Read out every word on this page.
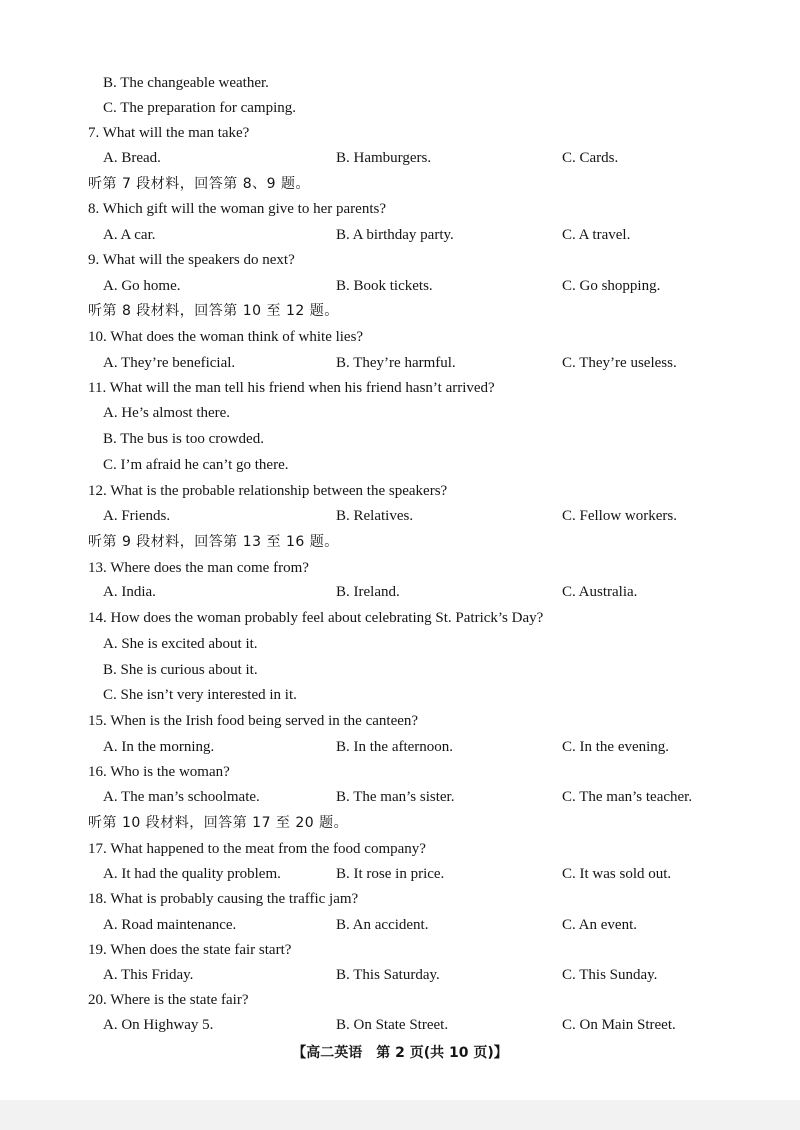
B. The changeable weather.
C. The preparation for camping.
7. What will the man take?
A. Bread.	B. Hamburgers.	C. Cards.
听第 7 段材料，回答第 8、9 题。
8. Which gift will the woman give to her parents?
A. A car.	B. A birthday party.	C. A travel.
9. What will the speakers do next?
A. Go home.	B. Book tickets.	C. Go shopping.
听第 8 段材料，回答第 10 至 12 题。
10. What does the woman think of white lies?
A. They’re beneficial.	B. They’re harmful.	C. They’re useless.
11. What will the man tell his friend when his friend hasn’t arrived?
A. He’s almost there.
B. The bus is too crowded.
C. I’m afraid he can’t go there.
12. What is the probable relationship between the speakers?
A. Friends.	B. Relatives.	C. Fellow workers.
听第 9 段材料，回答第 13 至 16 题。
13. Where does the man come from?
A. India.	B. Ireland.	C. Australia.
14. How does the woman probably feel about celebrating St. Patrick’s Day?
A. She is excited about it.
B. She is curious about it.
C. She isn’t very interested in it.
15. When is the Irish food being served in the canteen?
A. In the morning.	B. In the afternoon.	C. In the evening.
16. Who is the woman?
A. The man’s schoolmate.	B. The man’s sister.	C. The man’s teacher.
听第 10 段材料，回答第 17 至 20 题。
17. What happened to the meat from the food company?
A. It had the quality problem.	B. It rose in price.	C. It was sold out.
18. What is probably causing the traffic jam?
A. Road maintenance.	B. An accident.	C. An event.
19. When does the state fair start?
A. This Friday.	B. This Saturday.	C. This Sunday.
20. Where is the state fair?
A. On Highway 5.	B. On State Street.	C. On Main Street.
【高二英语　第 2 页(共 10 页)】
